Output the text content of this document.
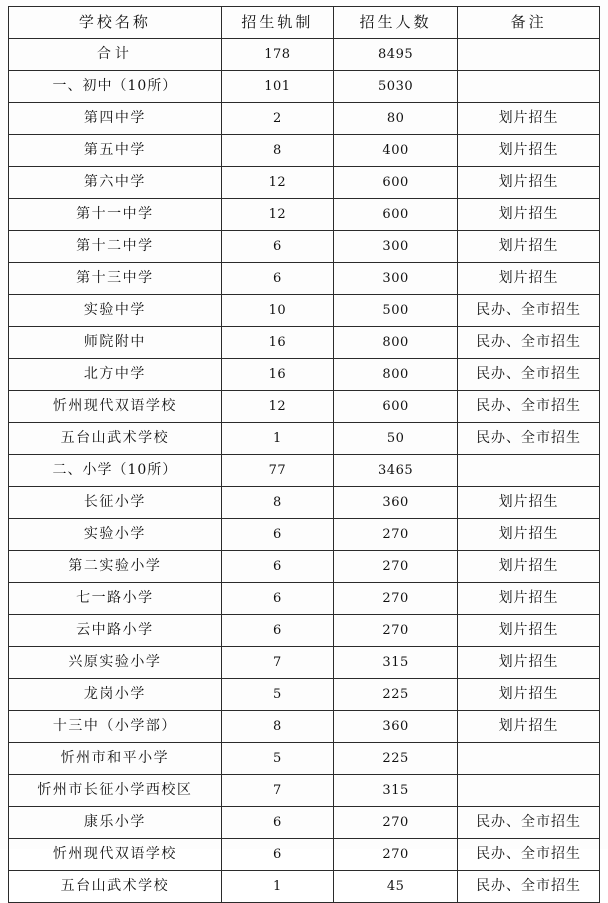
学校名称	招生轨制	招生人数	备注
合计	178	8495	
一、初中（10所）	101	5030	
第四中学	2	80	划片招生
第五中学	8	400	划片招生
第六中学	12	600	划片招生
第十一中学	12	600	划片招生
第十二中学	6	300	划片招生
第十三中学	6	300	划片招生
实验中学	10	500	民办、全市招生
师院附中	16	800	民办、全市招生
北方中学	16	800	民办、全市招生
忻州现代双语学校	12	600	民办、全市招生
五台山武术学校	1	50	民办、全市招生
二、小学（10所）	77	3465	
长征小学	8	360	划片招生
实验小学	6	270	划片招生
第二实验小学	6	270	划片招生
七一路小学	6	270	划片招生
云中路小学	6	270	划片招生
兴原实验小学	7	315	划片招生
龙岗小学	5	225	划片招生
十三中（小学部）	8	360	划片招生
忻州市和平小学	5	225	
忻州市长征小学西校区	7	315	
康乐小学	6	270	民办、全市招生
忻州现代双语学校	6	270	民办、全市招生
五台山武术学校	1	45	民办、全市招生
